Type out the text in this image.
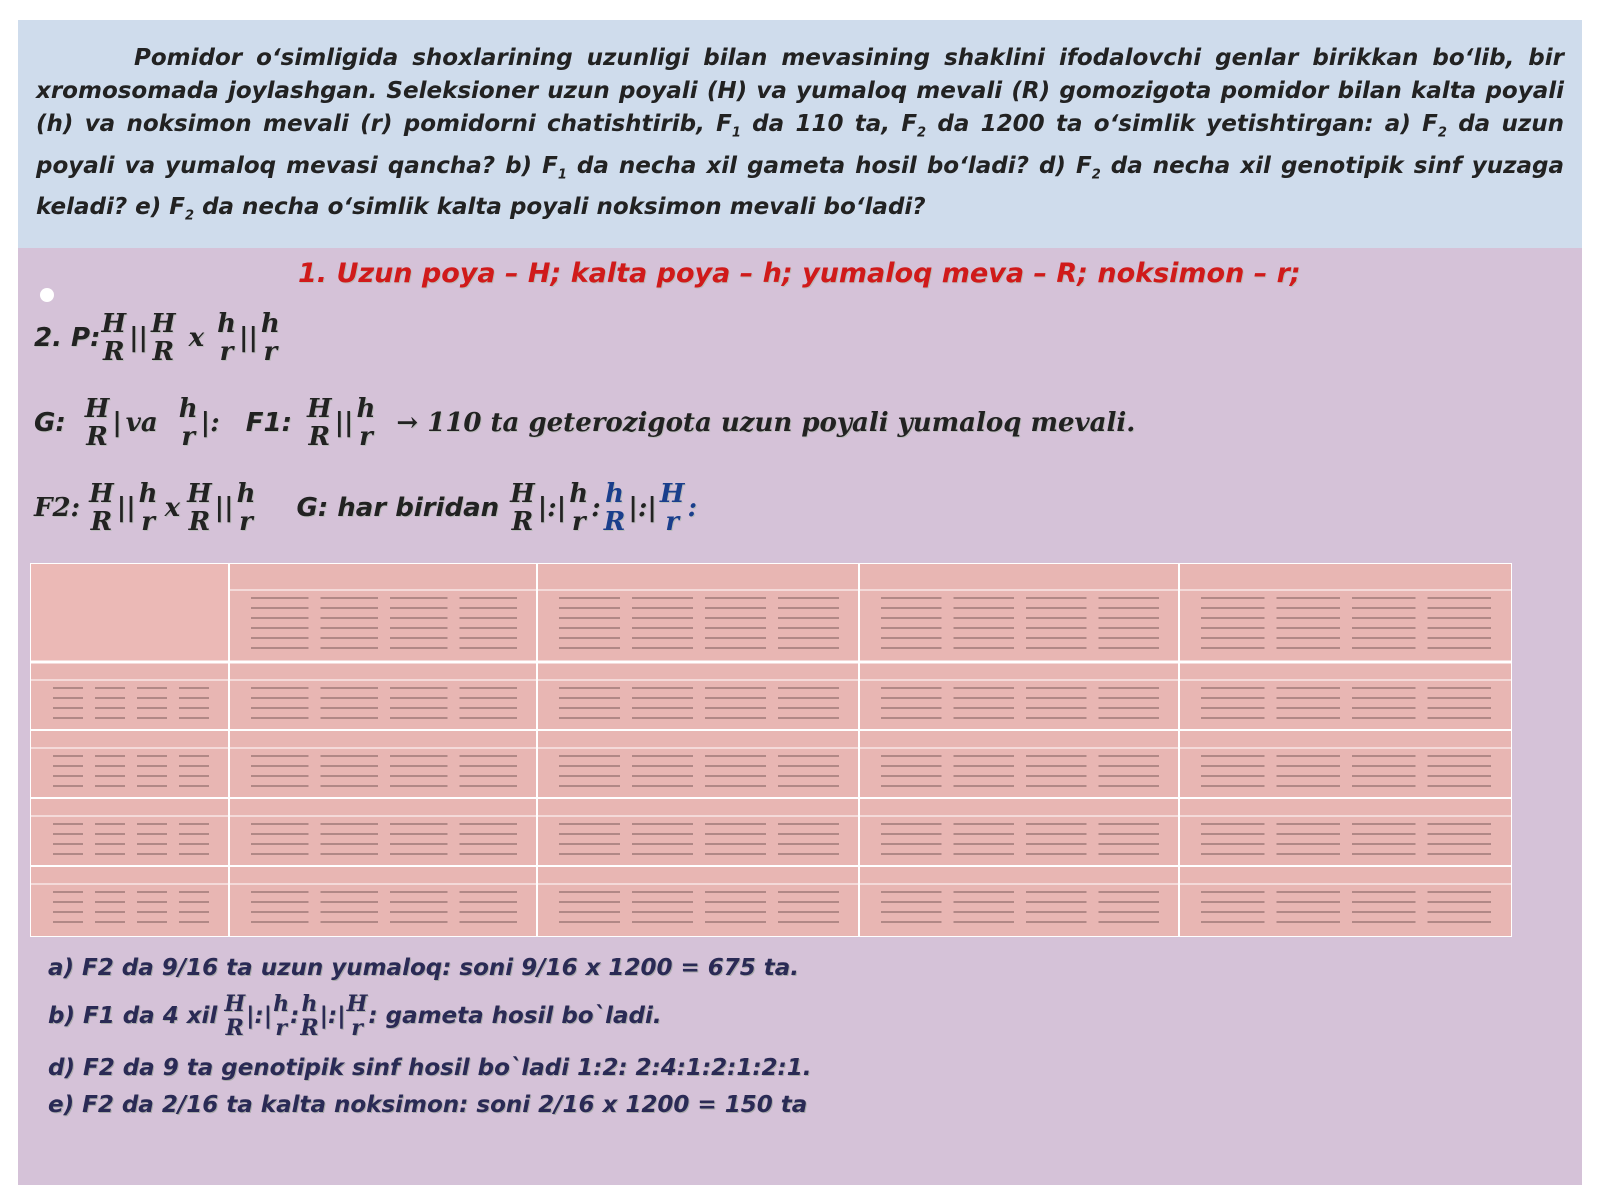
Pomidor oʻsimligida shoxlarining uzunligi bilan mevasining shaklini ifodalovchi genlar birikkan boʻlib, bir xromosomada joylashgan. Seleksioner uzun poyali (H) va yumaloq mevali (R) gomozigota pomidor bilan kalta poyali (h) va noksimon mevali (r) pomidorni chatishtirib, $F_1$ da 110 ta, $F_2$ da 1200 ta oʻsimlik yetishtirgan: a) $F_2$ da uzun poyali va yumaloq mevasi qancha? b) $F_1$ da necha xil gameta hosil boʻladi? d) $F_2$ da necha xil genotipik sinf yuzaga keladi? e) $F_2$ da necha oʻsimlik kalta poyali noksimon mevali boʻladi?

1. Uzun poya – H; kalta poya – h; yumaloq meva – R; noksimon – r;
2. P: H
R || H
R x h
r || h
r
G: H
R | va h
r |: F1: H
R || h
r → 110 ta geterozigota uzun poyali yumaloq mevali.
F2: H
R || h
r x H
R || h
r G: har biridan H
R |:| h
r : h
R |:| H
r :
a) F2 da 9/16 ta uzun yumaloq: soni 9/16 x 1200 = 675 ta.
b) F1 da 4 xil H
R |:| h
r : h
R |:| H
r : gameta hosil bo`ladi.
d) F2 da 9 ta genotipik sinf hosil bo`ladi 1:2: 2:4:1:2:1:2:1.
e) F2 da 2/16 ta kalta noksimon: soni 2/16 x 1200 = 150 ta
